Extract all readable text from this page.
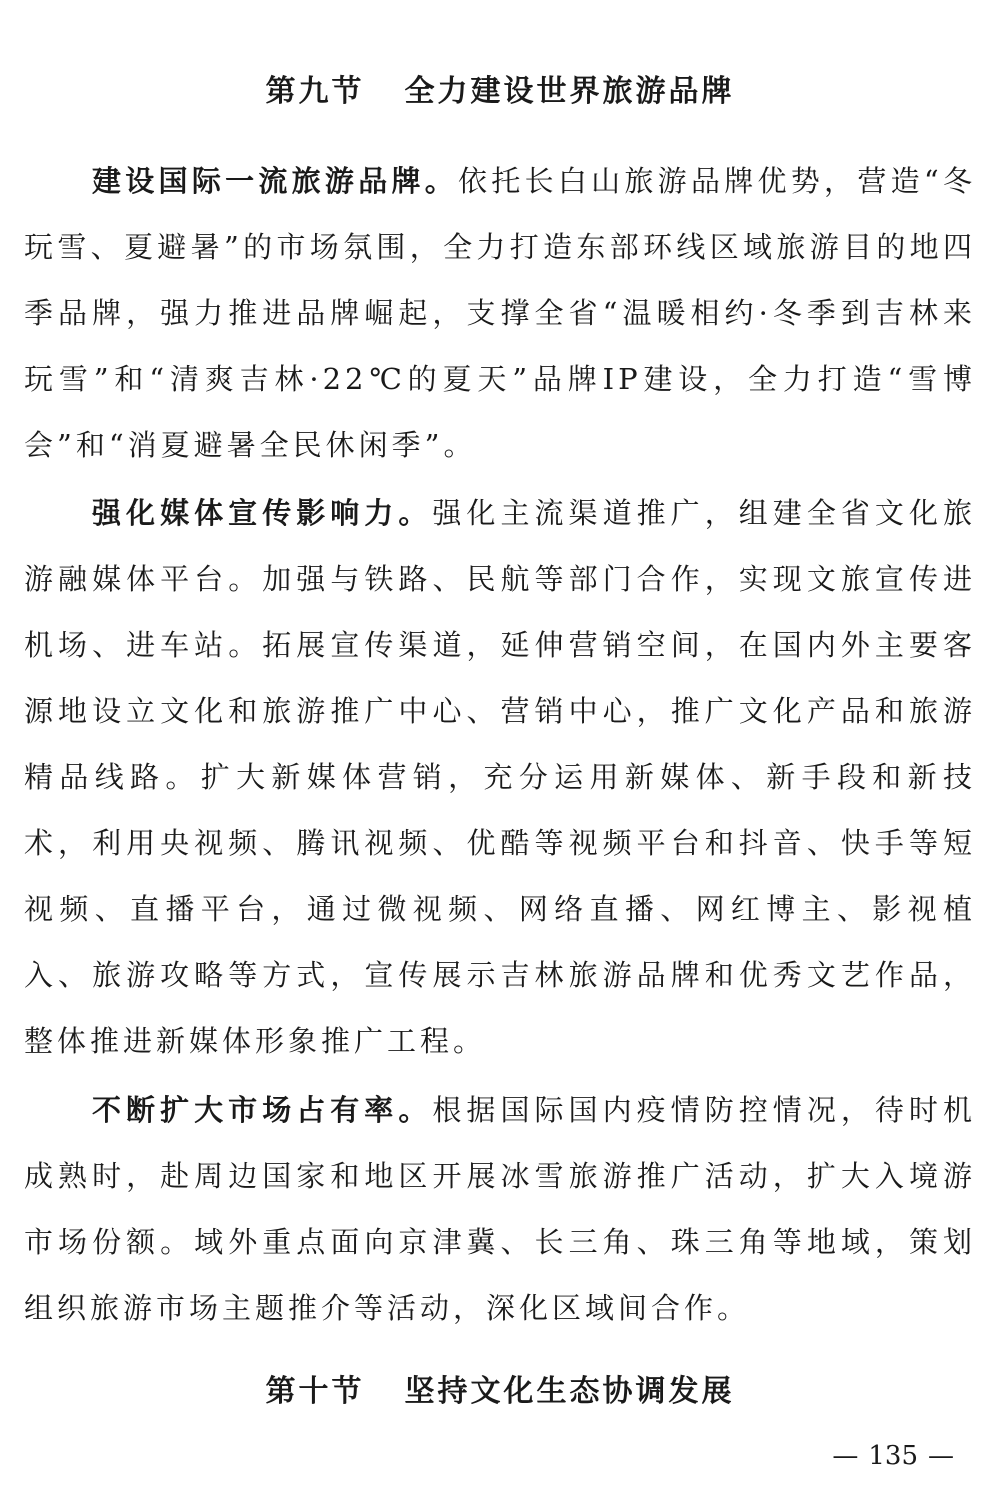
第九节 全力建设世界旅游品牌

建设国际一流旅游品牌。依托长白山旅游品牌优势，营造“冬玩雪、夏避暑”的市场氛围，全力打造东部环线区域旅游目的地四季品牌，强力推进品牌崛起，支撑全省“温暖相约·冬季到吉林来玩雪”和“清爽吉林·22℃的夏天”品牌IP建设，全力打造“雪博会”和“消夏避暑全民休闲季”。

强化媒体宣传影响力。强化主流渠道推广，组建全省文化旅游融媒体平台。加强与铁路、民航等部门合作，实现文旅宣传进机场、进车站。拓展宣传渠道，延伸营销空间，在国内外主要客源地设立文化和旅游推广中心、营销中心，推广文化产品和旅游精品线路。扩大新媒体营销，充分运用新媒体、新手段和新技术，利用央视频、腾讯视频、优酷等视频平台和抖音、快手等短视频、直播平台，通过微视频、网络直播、网红博主、影视植入、旅游攻略等方式，宣传展示吉林旅游品牌和优秀文艺作品，整体推进新媒体形象推广工程。

不断扩大市场占有率。根据国际国内疫情防控情况，待时机成熟时，赴周边国家和地区开展冰雪旅游推广活动，扩大入境游市场份额。域外重点面向京津冀、长三角、珠三角等地域，策划组织旅游市场主题推介等活动，深化区域间合作。

第十节 坚持文化生态协调发展
— 135 —
